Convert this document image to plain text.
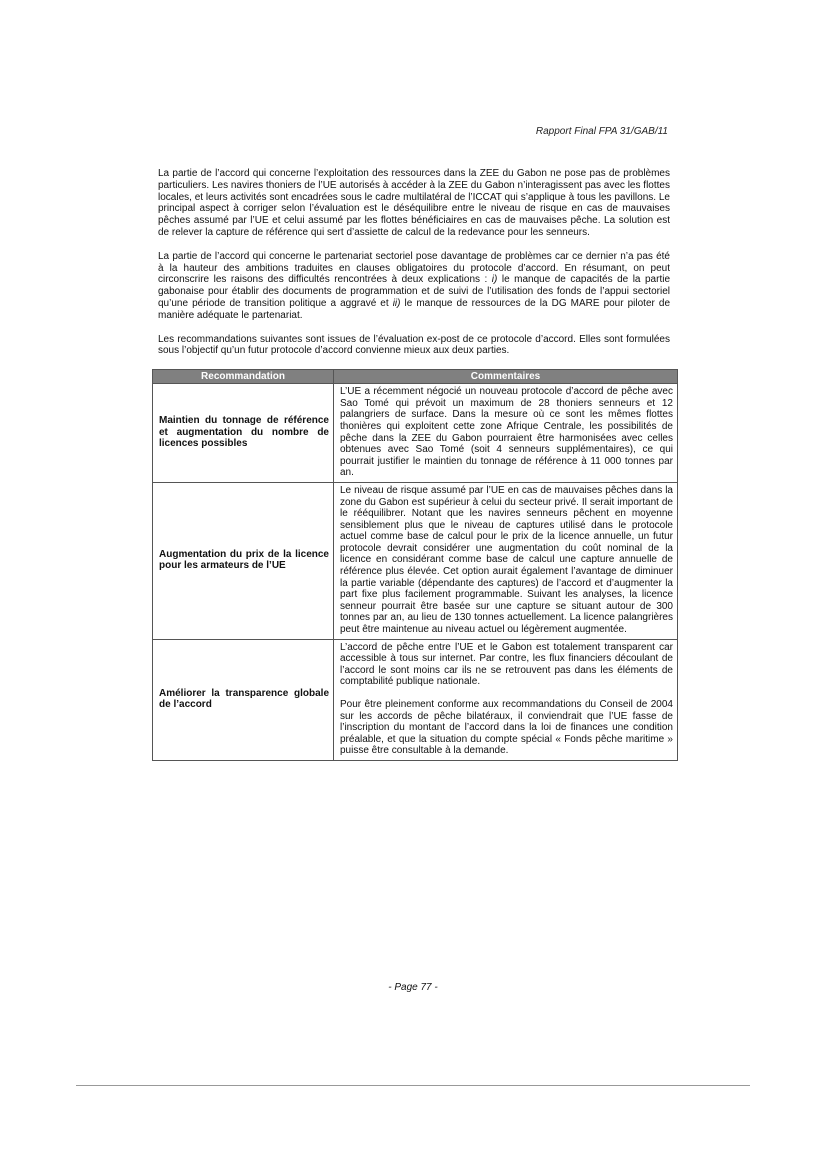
Rapport Final FPA 31/GAB/11

La partie de l’accord qui concerne l’exploitation des ressources dans la ZEE du Gabon ne pose pas de problèmes particuliers. Les navires thoniers de l’UE autorisés à accéder à la ZEE du Gabon n’interagissent pas avec les flottes locales, et leurs activités sont encadrées sous le cadre multilatéral de l’ICCAT qui s’applique à tous les pavillons. Le principal aspect à corriger selon l’évaluation est le déséquilibre entre le niveau de risque en cas de mauvaises pêches assumé par l’UE et celui assumé par les flottes bénéficiaires en cas de mauvaises pêche. La solution est de relever la capture de référence qui sert d’assiette de calcul de la redevance pour les senneurs.

La partie de l’accord qui concerne le partenariat sectoriel pose davantage de problèmes car ce dernier n’a pas été à la hauteur des ambitions traduites en clauses obligatoires du protocole d’accord. En résumant, on peut circonscrire les raisons des difficultés rencontrées à deux explications : i) le manque de capacités de la partie gabonaise pour établir des documents de programmation et de suivi de l’utilisation des fonds de l’appui sectoriel qu’une période de transition politique a aggravé et ii) le manque de ressources de la DG MARE pour piloter de manière adéquate le partenariat.

Les recommandations suivantes sont issues de l’évaluation ex-post de ce protocole d’accord. Elles sont formulées sous l’objectif qu’un futur protocole d’accord convienne mieux aux deux parties.

Recommandation	Commentaires
Maintien du tonnage de référence et augmentation du nombre de licences possibles	L’UE a récemment négocié un nouveau protocole d’accord de pêche avec Sao Tomé qui prévoit un maximum de 28 thoniers senneurs et 12 palangriers de surface. Dans la mesure où ce sont les mêmes flottes thonières qui exploitent cette zone Afrique Centrale, les possibilités de pêche dans la ZEE du Gabon pourraient être harmonisées avec celles obtenues avec Sao Tomé (soit 4 senneurs supplémentaires), ce qui pourrait justifier le maintien du tonnage de référence à 11 000 tonnes par an.

Augmentation du prix de la licence pour les armateurs de l’UE	Le niveau de risque assumé par l’UE en cas de mauvaises pêches dans la zone du Gabon est supérieur à celui du secteur privé. Il serait important de le rééquilibrer. Notant que les navires senneurs pêchent en moyenne sensiblement plus que le niveau de captures utilisé dans le protocole actuel comme base de calcul pour le prix de la licence annuelle, un futur protocole devrait considérer une augmentation du coût nominal de la licence en considérant comme base de calcul une capture annuelle de référence plus élevée. Cet option aurait également l’avantage de diminuer la partie variable (dépendante des captures) de l’accord et d’augmenter la part fixe plus facilement programmable. Suivant les analyses, la licence senneur pourrait être basée sur une capture se situant autour de 300 tonnes par an, au lieu de 130 tonnes actuellement. La licence palangrières peut être maintenue au niveau actuel ou légèrement augmentée.

Améliorer la transparence globale de l’accord	L’accord de pêche entre l’UE et le Gabon est totalement transparent car accessible à tous sur internet. Par contre, les flux financiers découlant de l’accord le sont moins car ils ne se retrouvent pas dans les éléments de comptabilité publique nationale.

Pour être pleinement conforme aux recommandations du Conseil de 2004 sur les accords de pêche bilatéraux, il conviendrait que l’UE fasse de l’inscription du montant de l’accord dans la loi de finances une condition préalable, et que la situation du compte spécial « Fonds pêche maritime » puisse être consultable à la demande.

- Page 77 -
